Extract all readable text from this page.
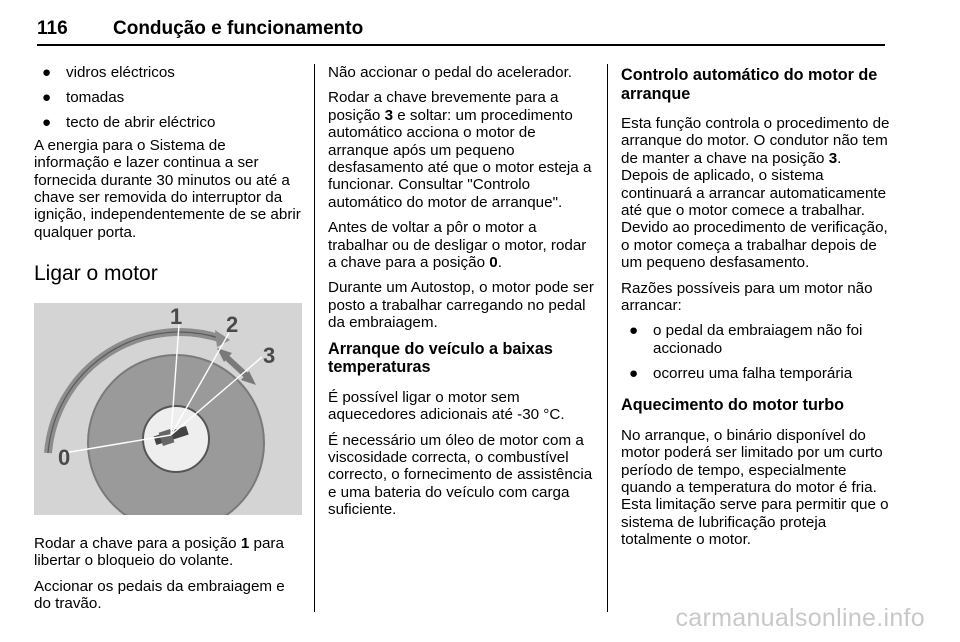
116 Condução e funcionamento
● vidros eléctricos
● tomadas
● tecto de abrir eléctrico

A energia para o Sistema de informação e lazer continua a ser fornecida durante 30 minutos ou até a chave ser removida do interruptor da ignição, independentemente de se abrir qualquer porta.

Ligar o motor
0
1 2
3

Rodar a chave para a posição 1 para libertar o bloqueio do volante.

Accionar os pedais da embraiagem e do travão.

Não accionar o pedal do acelerador.

Rodar a chave brevemente para a posição 3 e soltar: um procedimento automático acciona o motor de arranque após um pequeno desfasamento até que o motor esteja a funcionar. Consultar "Controlo automático do motor de arranque".

Antes de voltar a pôr o motor a trabalhar ou de desligar o motor, rodar a chave para a posição 0.

Durante um Autostop, o motor pode ser posto a trabalhar carregando no pedal da embraiagem.

Arranque do veículo a baixas temperaturas

É possível ligar o motor sem aquecedores adicionais até -30 °C.

É necessário um óleo de motor com a viscosidade correcta, o combustível correcto, o fornecimento de assistência e uma bateria do veículo com carga suficiente.

Controlo automático do motor de arranque

Esta função controla o procedimento de arranque do motor. O condutor não tem de manter a chave na posição 3. Depois de aplicado, o sistema continuará a arrancar automaticamente até que o motor comece a trabalhar. Devido ao procedimento de verificação, o motor começa a trabalhar depois de um pequeno desfasamento.

Razões possíveis para um motor não arrancar:

● o pedal da embraiagem não foi accionado
● ocorreu uma falha temporária
Aquecimento do motor turbo

No arranque, o binário disponível do motor poderá ser limitado por um curto período de tempo, especialmente quando a temperatura do motor é fria. Esta limitação serve para permitir que o sistema de lubrificação proteja totalmente o motor.

carmanualsonline.info
